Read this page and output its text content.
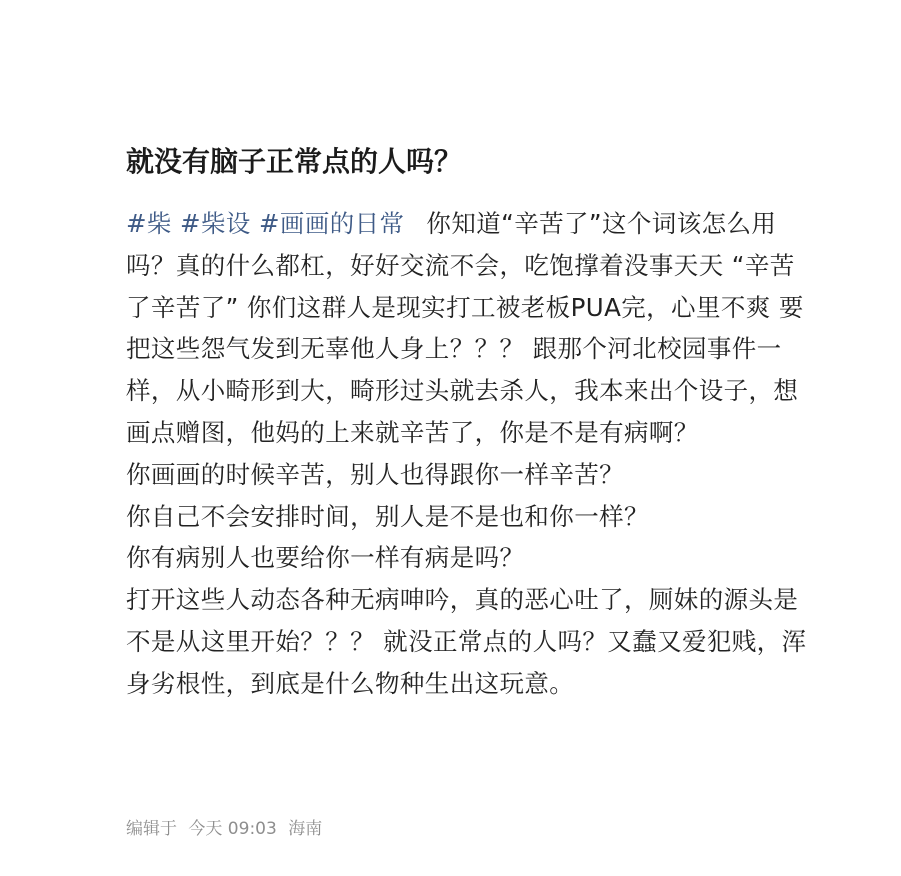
就没有脑子正常点的人吗？
#柴 #柴设 #画画的日常 你知道“辛苦了”这个词该怎么用吗？真的什么都杠，好好交流不会，吃饱撑着没事天天 “辛苦了辛苦了” 你们这群人是现实打工被老板PUA完，心里不爽 要把这些怨气发到无辜他人身上？？？ 跟那个河北校园事件一样，从小畸形到大，畸形过头就去杀人，我本来出个设子，想画点赠图，他妈的上来就辛苦了，你是不是有病啊？
你画画的时候辛苦，别人也得跟你一样辛苦？
你自己不会安排时间，别人是不是也和你一样？
你有病别人也要给你一样有病是吗？
打开这些人动态各种无病呻吟，真的恶心吐了，厕妹的源头是不是从这里开始？？？ 就没正常点的人吗？又蠢又爱犯贱，浑身劣根性，到底是什么物种生出这玩意。
编辑于 今天 09:03 海南
